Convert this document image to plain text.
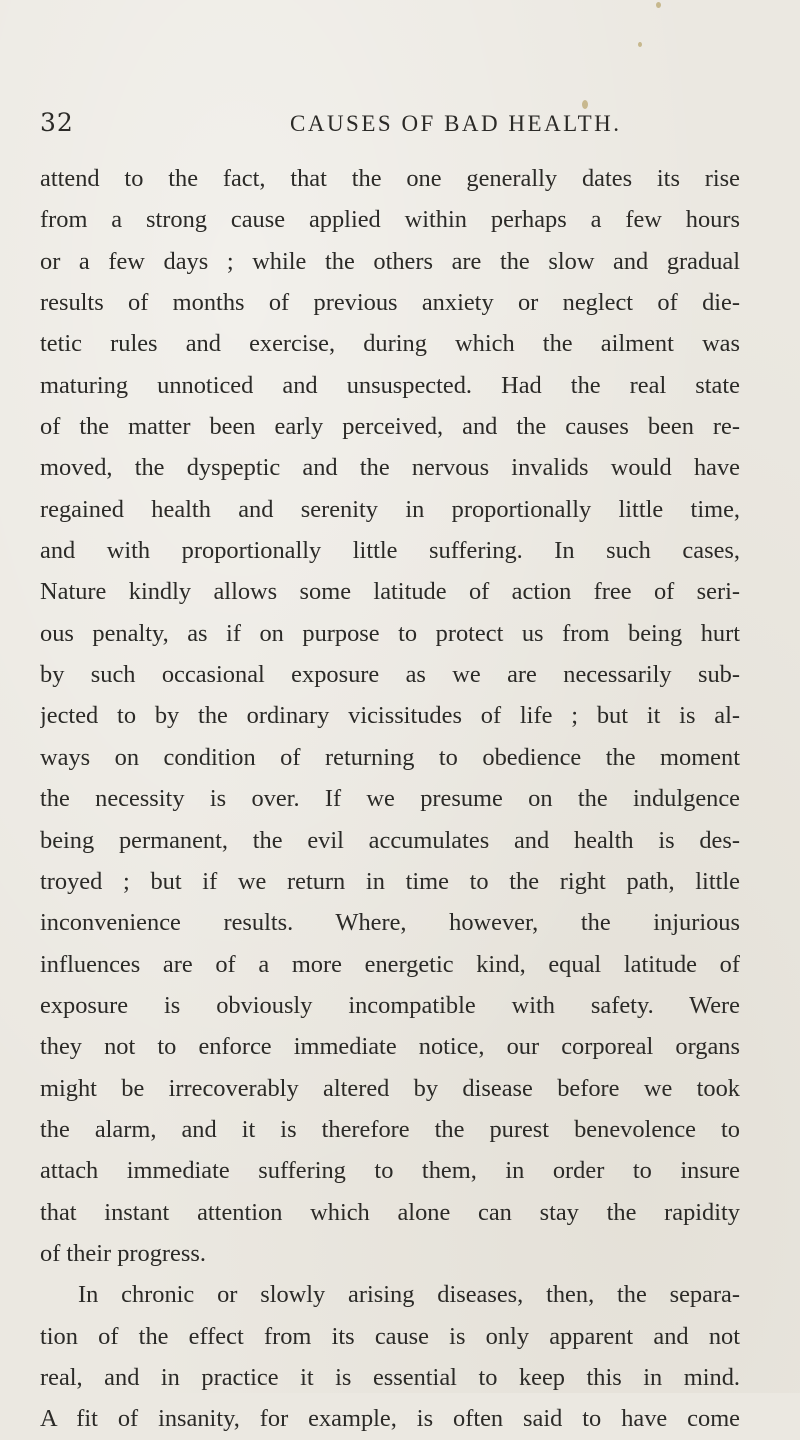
32	CAUSES OF BAD HEALTH.
attend to the fact, that the one generally dates its rise
from a strong cause applied within perhaps a few hours
or a few days ; while the others are the slow and gradual
results of months of previous anxiety or neglect of die-
tetic rules and exercise, during which the ailment was
maturing unnoticed and unsuspected. Had the real state
of the matter been early perceived, and the causes been re-
moved, the dyspeptic and the nervous invalids would have
regained health and serenity in proportionally little time,
and with proportionally little suffering. In such cases,
Nature kindly allows some latitude of action free of seri-
ous penalty, as if on purpose to protect us from being hurt
by such occasional exposure as we are necessarily sub-
jected to by the ordinary vicissitudes of life ; but it is al-
ways on condition of returning to obedience the moment
the necessity is over. If we presume on the indulgence
being permanent, the evil accumulates and health is des-
troyed ; but if we return in time to the right path, little
inconvenience results. Where, however, the injurious
influences are of a more energetic kind, equal latitude of
exposure is obviously incompatible with safety. Were
they not to enforce immediate notice, our corporeal organs
might be irrecoverably altered by disease before we took
the alarm, and it is therefore the purest benevolence to
attach immediate suffering to them, in order to insure
that instant attention which alone can stay the rapidity
of their progress.
In chronic or slowly arising diseases, then, the separa-
tion of the effect from its cause is only apparent and not
real, and in practice it is essential to keep this in mind.
A fit of insanity, for example, is often said to have come
